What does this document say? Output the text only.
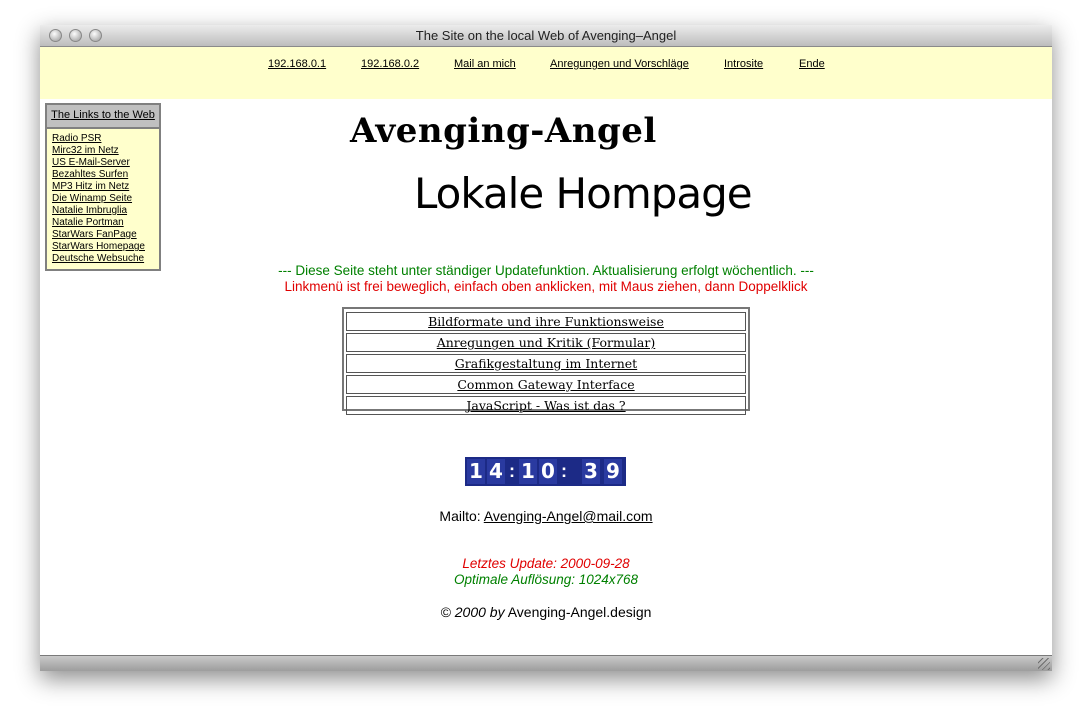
The Site on the local Web of Avenging–Angel
192.168.0.1	192.168.0.2	Mail an mich	Anregungen und Vorschläge	Introsite	Ende
The Links to the Web
Radio PSR
Mirc32 im Netz
US E-Mail-Server
Bezahltes Surfen
MP3 Hitz im Netz
Die Winamp Seite
Natalie Imbruglia
Natalie Portman
StarWars FanPage
StarWars Homepage
Deutsche Websuche
Avenging-Angel
Lokale Hompage
--- Diese Seite steht unter ständiger Updatefunktion. Aktualisierung erfolgt wöchentlich. ---
Linkmenü ist frei beweglich, einfach oben anklicken, mit Maus ziehen, dann Doppelklick
Bildformate und ihre Funktionsweise
Anregungen und Kritik (Formular)
Grafikgestaltung im Internet
Common Gateway Interface
JavaScript - Was ist das ?
1 4 : 1 0 : 3 9
Mailto: Avenging-Angel@mail.com
Letztes Update: 2000-09-28
Optimale Auflösung: 1024x768
© 2000 by Avenging-Angel.design
